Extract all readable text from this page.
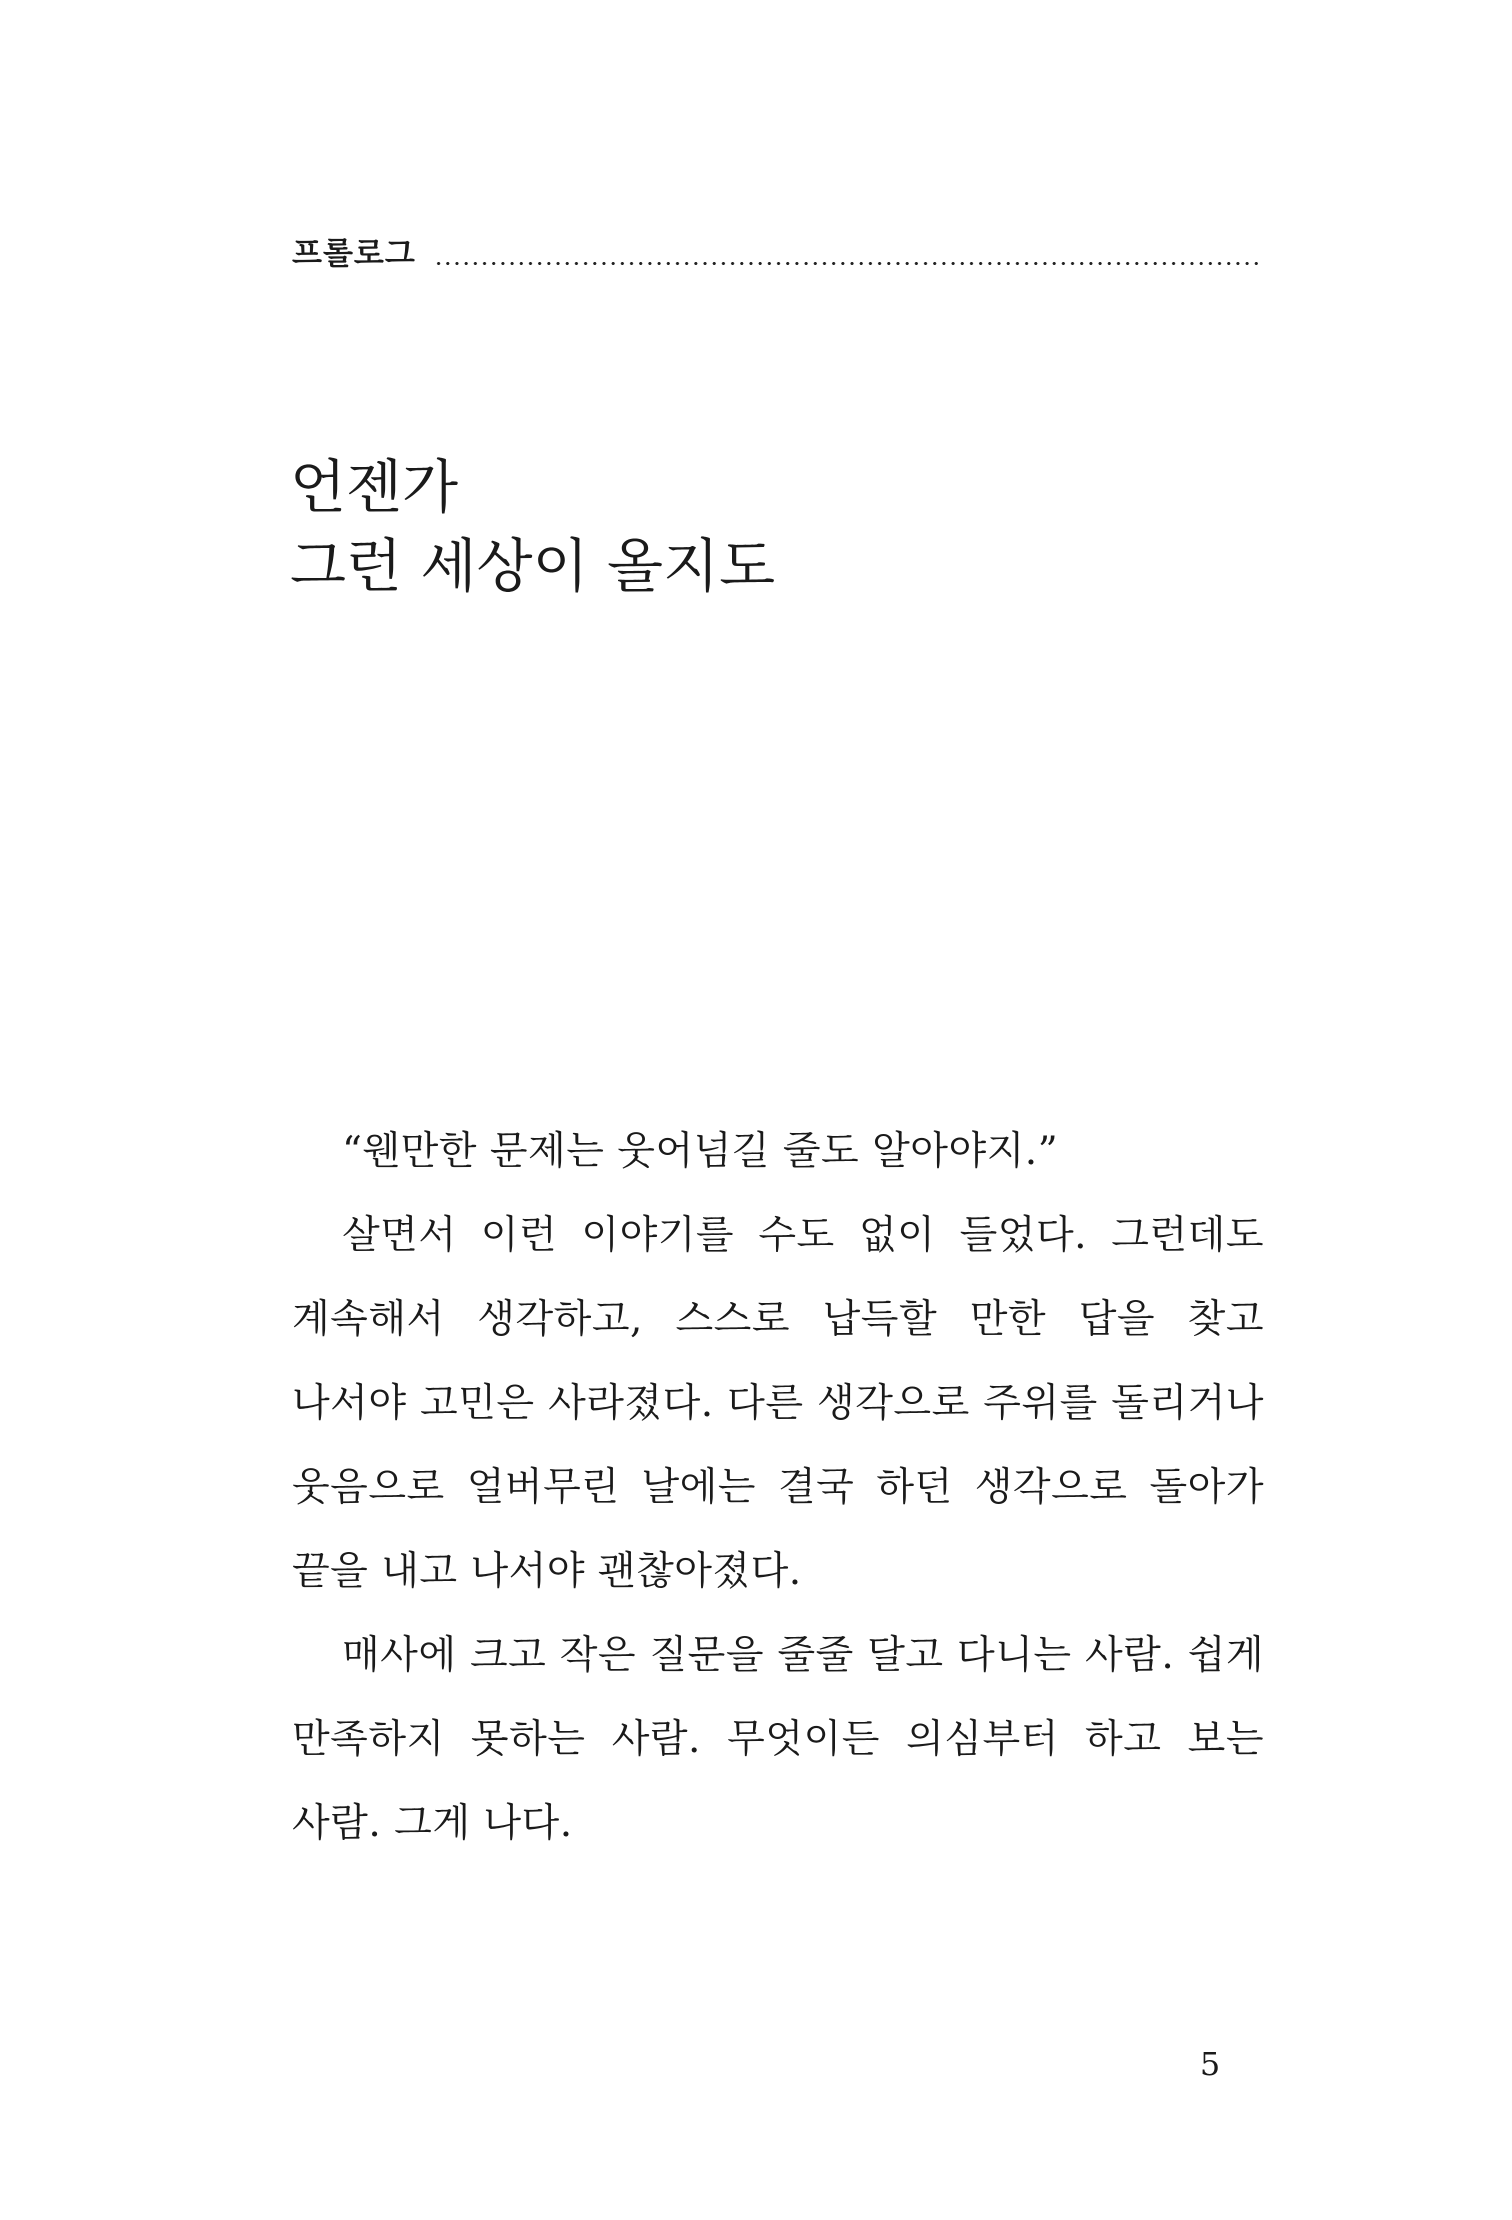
프롤로그
언젠가
그런 세상이 올지도

“웬만한 문제는 웃어넘길 줄도 알아야지.”

살면서 이런 이야기를 수도 없이 들었다. 그런데도 계속해서 생각하고, 스스로 납득할 만한 답을 찾고 나서야 고민은 사라졌다. 다른 생각으로 주위를 돌리거나 웃음으로 얼버무린 날에는 결국 하던 생각으로 돌아가 끝을 내고 나서야 괜찮아졌다.

매사에 크고 작은 질문을 줄줄 달고 다니는 사람. 쉽게 만족하지 못하는 사람. 무엇이든 의심부터 하고 보는 사람. 그게 나다.

5
